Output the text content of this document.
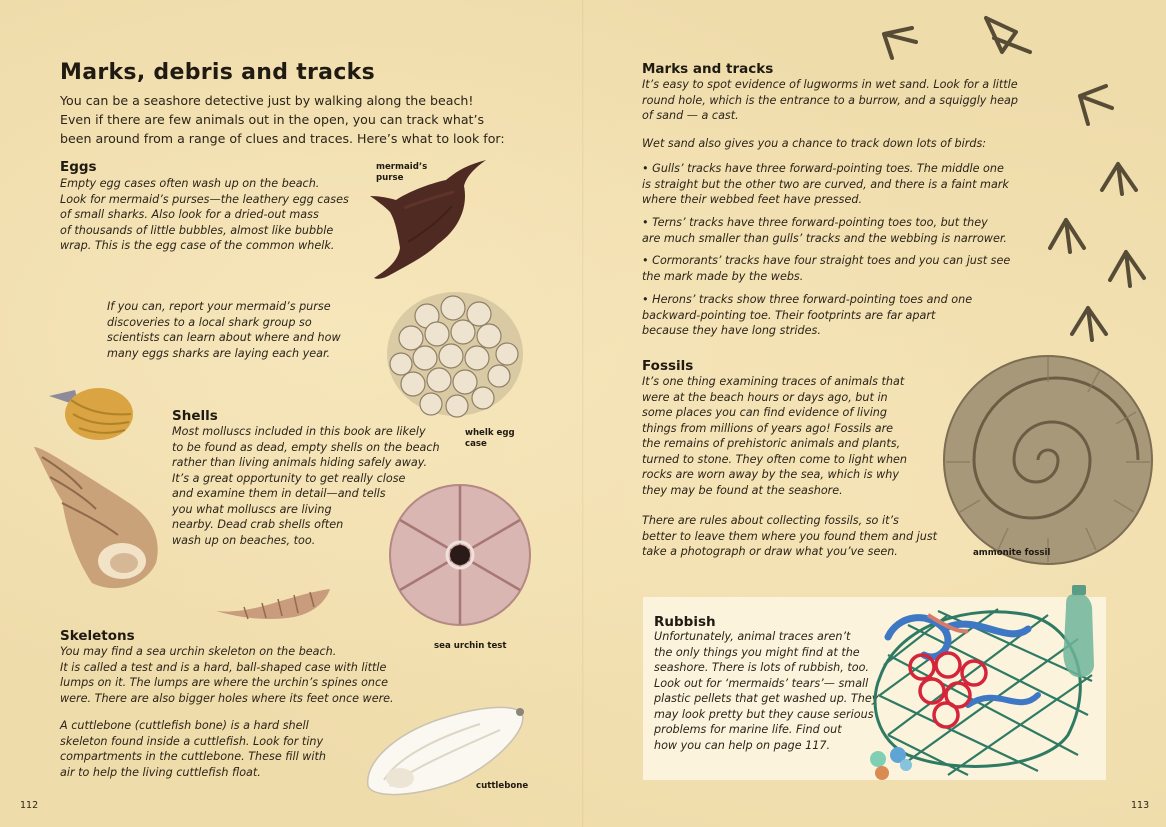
Marks, debris and tracks
You can be a seashore detective just by walking along the beach!
Even if there are few animals out in the open, you can track what’s
been around from a range of clues and traces. Here’s what to look for:
Eggs

Empty egg cases often wash up on the beach.

Look for mermaid’s purses—the leathery egg cases

of small sharks. Also look for a dried-out mass

of thousands of little bubbles, almost like bubble

wrap. This is the egg case of the common whelk.

mermaid’s
purse

If you can, report your mermaid’s purse

discoveries to a local shark group so

scientists can learn about where and how

many eggs sharks are laying each year.

whelk egg
case
Shells

Most molluscs included in this book are likely

to be found as dead, empty shells on the beach

rather than living animals hiding safely away.

It’s a great opportunity to get really close

and examine them in detail—and tells

you what molluscs are living

nearby. Dead crab shells often

wash up on beaches, too.

sea urchin test
Skeletons

You may find a sea urchin skeleton on the beach.

It is called a test and is a hard, ball-shaped case with little

lumps on it. The lumps are where the urchin’s spines once

were. There are also bigger holes where its feet once were.

A cuttlebone (cuttlefish bone) is a hard shell

skeleton found inside a cuttlefish. Look for tiny

compartments in the cuttlebone. These fill with

air to help the living cuttlefish float.

cuttlebone
112
Marks and tracks

It’s easy to spot evidence of lugworms in wet sand. Look for a little

round hole, which is the entrance to a burrow, and a squiggly heap

of sand — a cast.

Wet sand also gives you a chance to track down lots of birds:

• Gulls’ tracks have three forward-pointing toes. The middle one

is straight but the other two are curved, and there is a faint mark

where their webbed feet have pressed.

• Terns’ tracks have three forward-pointing toes too, but they

are much smaller than gulls’ tracks and the webbing is narrower.

• Cormorants’ tracks have four straight toes and you can just see

the mark made by the webs.

• Herons’ tracks show three forward-pointing toes and one

backward-pointing toe. Their footprints are far apart

because they have long strides.

Fossils

It’s one thing examining traces of animals that

were at the beach hours or days ago, but in

some places you can find evidence of living

things from millions of years ago! Fossils are

the remains of prehistoric animals and plants,

turned to stone. They often come to light when

rocks are worn away by the sea, which is why

they may be found at the seashore.

There are rules about collecting fossils, so it’s

better to leave them where you found them and just

take a photograph or draw what you’ve seen.	ammonite fossil
Rubbish

Unfortunately, animal traces aren’t

the only things you might find at the

seashore. There is lots of rubbish, too.

Look out for ‘mermaids’ tears’— small

plastic pellets that get washed up. They

may look pretty but they cause serious

problems for marine life. Find out

how you can help on page 117.

113
